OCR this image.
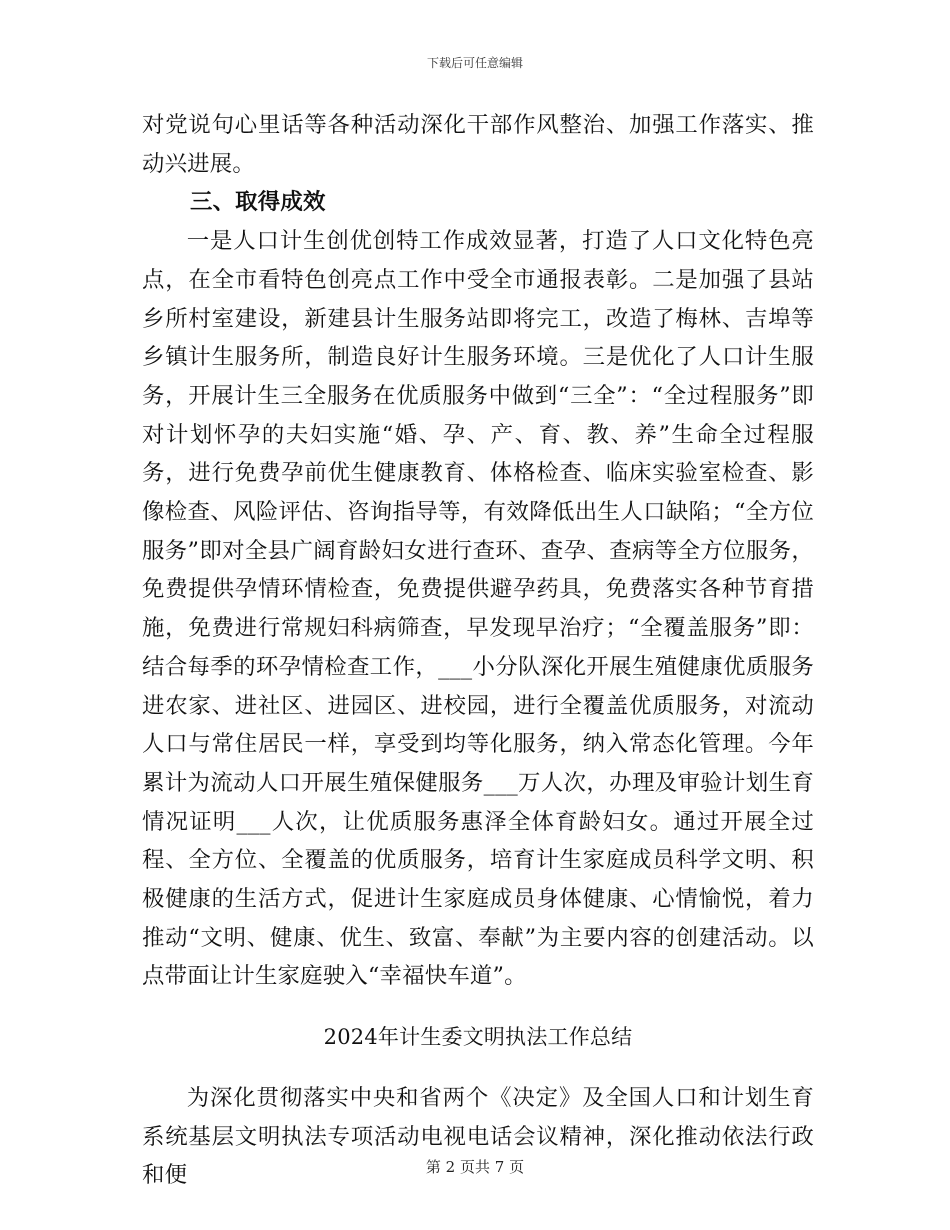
下载后可任意编辑

对党说句心里话等各种活动深化干部作风整治、加强工作落实、推动兴进展。

三、取得成效

一是人口计生创优创特工作成效显著，打造了人口文化特色亮点，在全市看特色创亮点工作中受全市通报表彰。二是加强了县站乡所村室建设，新建县计生服务站即将完工，改造了梅林、吉埠等乡镇计生服务所，制造良好计生服务环境。三是优化了人口计生服务，开展计生三全服务在优质服务中做到“三全”：“全过程服务”即对计划怀孕的夫妇实施“婚、孕、产、育、教、养”生命全过程服务，进行免费孕前优生健康教育、体格检查、临床实验室检查、影像检查、风险评估、咨询指导等，有效降低出生人口缺陷；“全方位服务”即对全县广阔育龄妇女进行查环、查孕、查病等全方位服务，免费提供孕情环情检查，免费提供避孕药具，免费落实各种节育措施，免费进行常规妇科病筛查，早发现早治疗；“全覆盖服务”即：结合每季的环孕情检查工作，___小分队深化开展生殖健康优质服务进农家、进社区、进园区、进校园，进行全覆盖优质服务，对流动人口与常住居民一样，享受到均等化服务，纳入常态化管理。今年累计为流动人口开展生殖保健服务___万人次，办理及审验计划生育情况证明___人次，让优质服务惠泽全体育龄妇女。通过开展全过程、全方位、全覆盖的优质服务，培育计生家庭成员科学文明、积极健康的生活方式，促进计生家庭成员身体健康、心情愉悦，着力推动“文明、健康、优生、致富、奉献”为主要内容的创建活动。以点带面让计生家庭驶入“幸福快车道”。

2024年计生委文明执法工作总结

为深化贯彻落实中央和省两个《决定》及全国人口和计划生育系统基层文明执法专项活动电视电话会议精神，深化推动依法行政和便	第 2 页共 7 页
